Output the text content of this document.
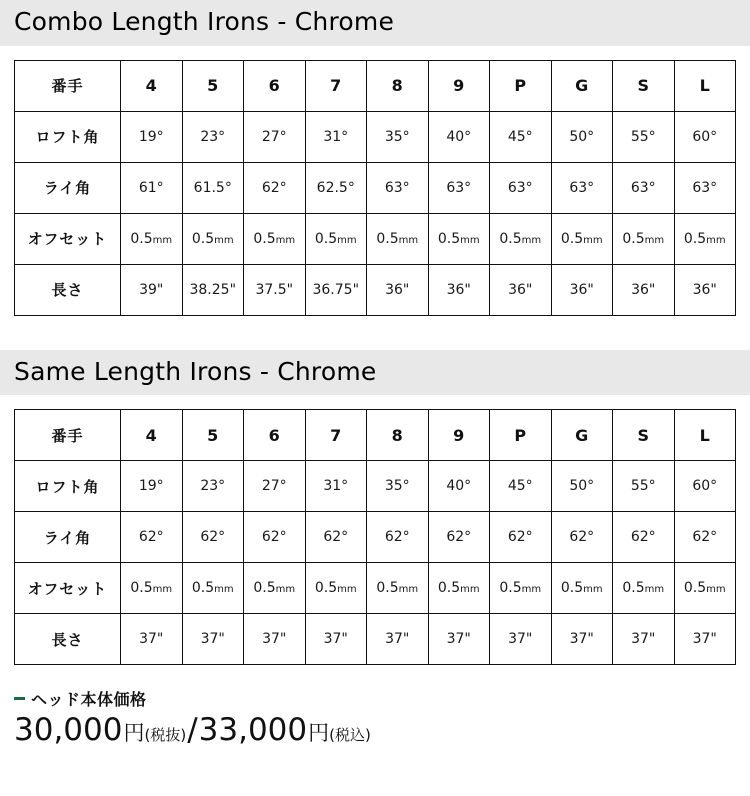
Combo Length Irons - Chrome
番手	4	5	6	7	8	9	P	G	S	L
ロフト角	19°	23°	27°	31°	35°	40°	45°	50°	55°	60°
ライ角	61°	61.5°	62°	62.5°	63°	63°	63°	63°	63°	63°
オフセット	0.5mm	0.5mm	0.5mm	0.5mm	0.5mm	0.5mm	0.5mm	0.5mm	0.5mm	0.5mm
長さ	39"	38.25"	37.5"	36.75"	36"	36"	36"	36"	36"	36"
Same Length Irons - Chrome
番手	4	5	6	7	8	9	P	G	S	L
ロフト角	19°	23°	27°	31°	35°	40°	45°	50°	55°	60°
ライ角	62°	62°	62°	62°	62°	62°	62°	62°	62°	62°
オフセット	0.5mm	0.5mm	0.5mm	0.5mm	0.5mm	0.5mm	0.5mm	0.5mm	0.5mm	0.5mm
長さ	37"	37"	37"	37"	37"	37"	37"	37"	37"	37"
ヘッド本体価格
30,000 円 (税抜) / 33,000 円 (税込)
